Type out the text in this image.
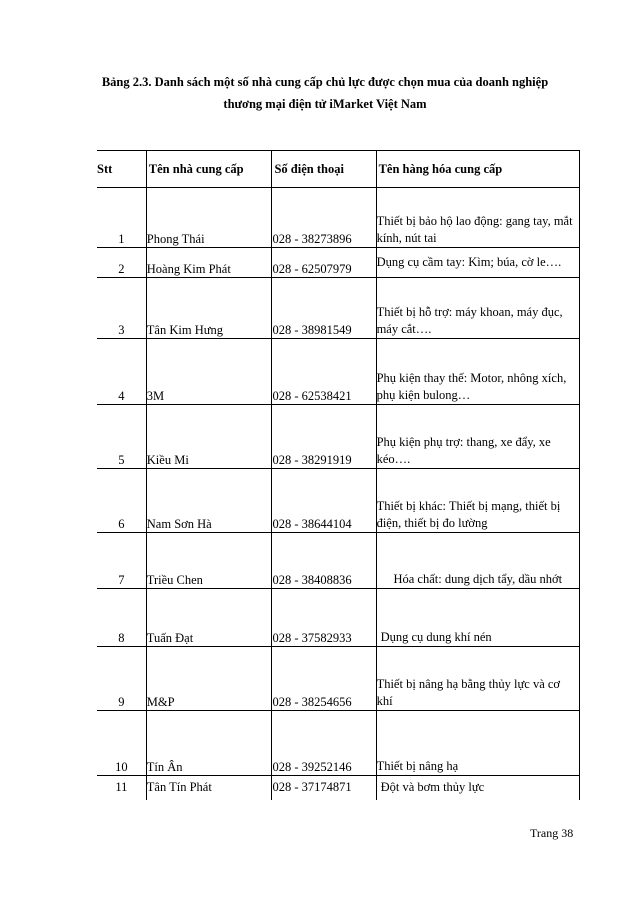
Bảng 2.3. Danh sách một số nhà cung cấp chủ lực được chọn mua của doanh nghiệp
thương mại điện tử iMarket Việt Nam
Stt	Tên nhà cung cấp	Số điện thoại	Tên hàng hóa cung cấp
1	Phong Thái	028 - 38273896	Thiết bị bảo hộ lao động: gang tay, mắt kính, nút tai
2	Hoàng Kim Phát	028 - 62507979	Dụng cụ cầm tay: Kìm; búa, cờ le….
3	Tân Kim Hưng	028 - 38981549	Thiết bị hỗ trợ: máy khoan, máy đục, máy cắt….
4	3M	028 - 62538421	Phụ kiện thay thế: Motor, nhông xích, phụ kiện bulong…
5	Kiều Mi	028 - 38291919	Phụ kiện phụ trợ: thang, xe đẩy, xe kéo….
6	Nam Sơn Hà	028 - 38644104	Thiết bị khác: Thiết bị mạng, thiết bị điện, thiết bị đo lường
7	Triều Chen	028 - 38408836	Hóa chất: dung dịch tẩy, dầu nhớt
8	Tuấn Đạt	028 - 37582933	Dụng cụ dung khí nén
9	M&P	028 - 38254656	Thiết bị nâng hạ bằng thủy lực và cơ khí
10	Tín Ân	028 - 39252146	Thiết bị nâng hạ
11	Tân Tín Phát	028 - 37174871	Đột và bơm thủy lực
Trang 38
